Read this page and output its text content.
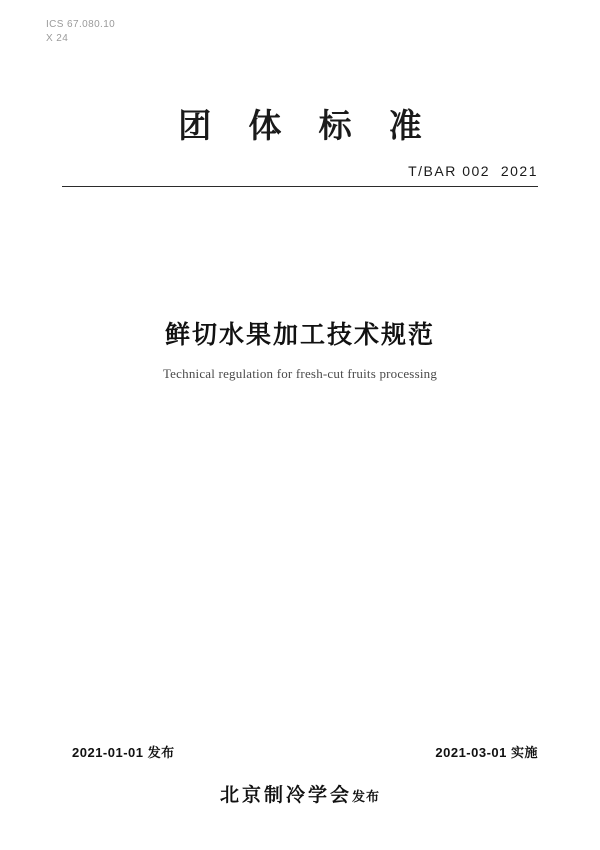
ICS 67.080.10
X 24
团 体 标 准
T/BAR 002  2021
鲜切水果加工技术规范
Technical regulation for fresh-cut fruits processing
2021-01-01 发布	2021-03-01 实施
北京制冷学会发布
